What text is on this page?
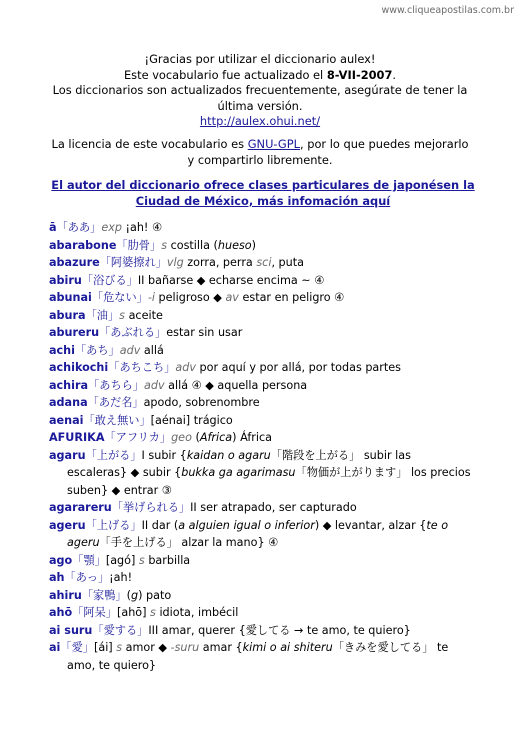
www.cliqueapostilas.com.br
¡Gracias por utilizar el diccionario aulex!
Este vocabulario fue actualizado el 8-VII-2007.
Los diccionarios son actualizados frecuentemente, asegúrate de tener la última versión.
http://aulex.ohui.net/
La licencia de este vocabulario es GNU-GPL, por lo que puedes mejorarlo y compartirlo libremente.
El autor del diccionario ofrece clases particulares de japonésen la Ciudad de México, más infomación aquí

ā「ああ」exp ¡ah! ④

abarabone「肋骨」s costilla (hueso)

abazure「阿婆擦れ」vlg zorra, perra sci, puta

abiru「浴びる」II bañarse ◆ echarse encima ~ ④

abunai「危ない」-i peligroso ◆ av estar en peligro ④

abura「油」s aceite

abureru「あぶれる」estar sin usar

achi「あち」adv allá

achikochi「あちこち」adv por aquí y por allá, por todas partes

achira「あちら」adv allá ④ ◆ aquella persona

adana「あだ名」apodo, sobrenombre

aenai「敢え無い」[aénai] trágico

AFURIKA「アフリカ」geo (Africa) África

agaru「上がる」I subir {kaidan o agaru「階段を上がる」 subir las escaleras} ◆ subir {bukka ga agarimasu「物価が上がります」 los precios suben} ◆ entrar ③

agarareru「挙げられる」II ser atrapado, ser capturado

ageru「上げる」II dar (a alguien igual o inferior) ◆ levantar, alzar {te o ageru「手を上げる」 alzar la mano} ④

ago「顎」[agó] s barbilla

ah「あっ」¡ah!

ahiru「家鴨」(g) pato

ahō「阿呆」[ahō] s idiota, imbécil

ai suru「愛する」III amar, querer {愛してる → te amo, te quiero}

ai「愛」[ái] s amor ◆ -suru amar {kimi o ai shiteru「きみを愛してる」 te amo, te quiero}
